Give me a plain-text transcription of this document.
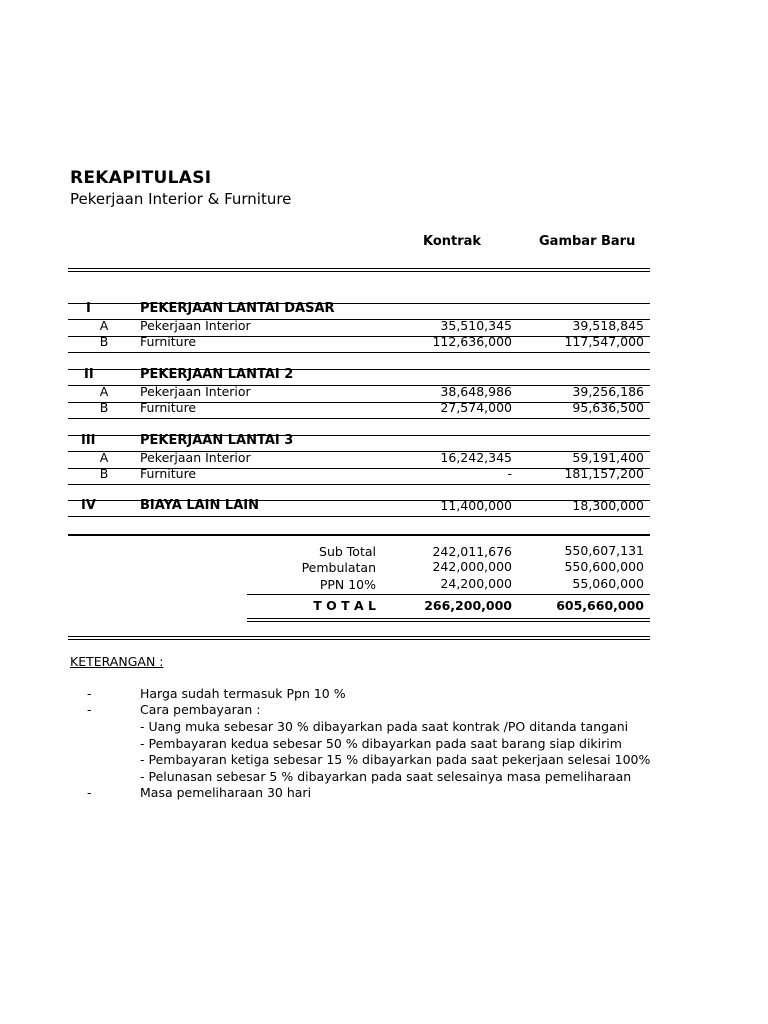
REKAPITULASI
Pekerjaan Interior & Furniture
Kontrak	Gambar Baru
I	PEKERJAAN LANTAI DASAR
A	Pekerjaan Interior	35,510,345	39,518,845
B	Furniture	112,636,000	117,547,000
II	PEKERJAAN LANTAI 2
A	Pekerjaan Interior	38,648,986	39,256,186
B	Furniture	27,574,000	95,636,500
III	PEKERJAAN LANTAI 3
A	Pekerjaan Interior	16,242,345	59,191,400
B	Furniture	-	181,157,200
IV	BIAYA LAIN LAIN	11,400,000	18,300,000
Sub Total	242,011,676	550,607,131
Pembulatan	242,000,000	550,600,000
PPN 10%	24,200,000	55,060,000
T O T A L	266,200,000	605,660,000
KETERANGAN :
-	Harga sudah termasuk Ppn 10 %
-	Cara pembayaran :
- Uang muka sebesar 30 % dibayarkan pada saat kontrak /PO ditanda tangani
- Pembayaran kedua sebesar 50 % dibayarkan pada saat barang siap dikirim
- Pembayaran ketiga sebesar 15 % dibayarkan pada saat pekerjaan selesai 100%
- Pelunasan sebesar 5 % dibayarkan pada saat selesainya masa pemeliharaan
-	Masa pemeliharaan 30 hari
